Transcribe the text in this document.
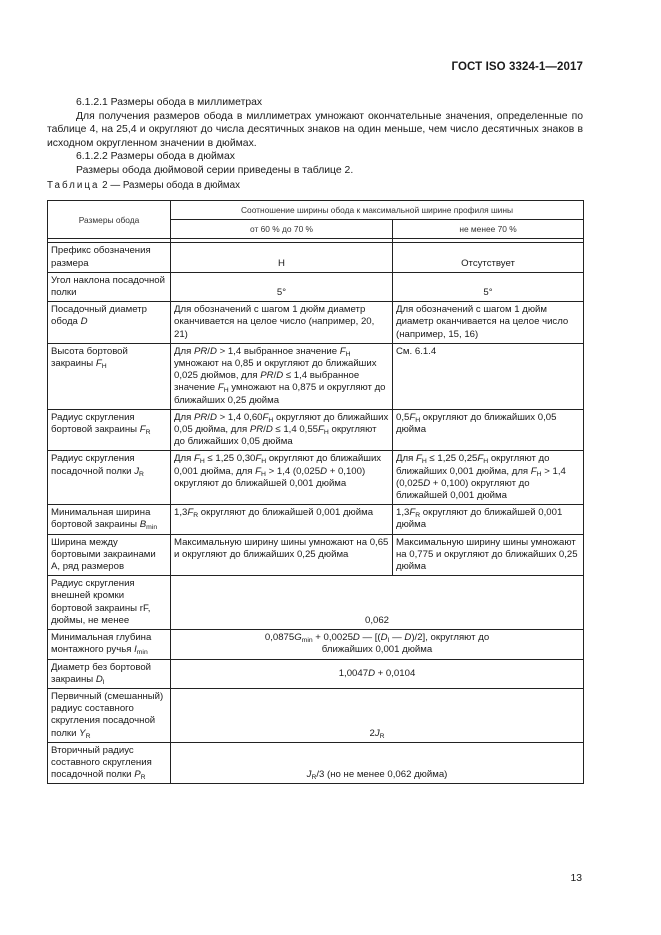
ГОСТ ISO 3324-1—2017

6.1.2.1 Размеры обода в миллиметрах

Для получения размеров обода в миллиметрах умножают окончательные значения, определенные по таблице 4, на 25,4 и округляют до числа десятичных знаков на один меньше, чем число десятичных знаков в исходном округленном значении в дюймах.

6.1.2.2 Размеры обода в дюймах

Размеры обода дюймовой серии приведены в таблице 2.

Таблица 2 — Размеры обода в дюймах
Размеры обода	Соотношение ширины обода к максимальной ширине профиля шины	
	от 60 % до 70 %	не менее 70 %

Префикс обозначения размера	H	Отсутствует
Угол наклона посадочной полки	5°	5°
Посадочный диаметр обода D	Для обозначений с шагом 1 дюйм диаметр оканчивается на целое число (например, 20, 21)	Для обозначений с шагом 1 дюйм диаметр оканчивается на целое число (например, 15, 16)
Высота бортовой закраины $F_H$	Для PR/D > 1,4 выбранное значение $F_H$ умножают на 0,85 и округляют до ближайших 0,025 дюймов, для PR/D ≤ 1,4 выбранное значение $F_H$ умножают на 0,875 и округляют до ближайших 0,25 дюйма	См. 6.1.4
Радиус скругления бортовой закраины $F_R$	Для PR/D > 1,4 $0,60F_H$ округляют до ближайших 0,05 дюйма, для PR/D ≤ 1,4 $0,55F_H$ округляют до ближайших 0,05 дюйма	$0,5F_H$ округляют до ближайших 0,05 дюйма
Радиус скругления посадочной полки $J_R$	Для $F_H \le 1,25$ $0,30F_H$ округляют до ближайших 0,001 дюйма, для $F_H > 1,4$ (0,025D + 0,100) округляют до ближайшей 0,001 дюйма	Для $F_H \le 1,25$ $0,25F_H$ округляют до ближайших 0,001 дюйма, для $F_H > 1,4$ (0,025D + 0,100) округляют до ближайшей 0,001 дюйма
Минимальная ширина бортовой закраины $B_{min}$	$1,3F_R$ округляют до ближайшей 0,001 дюйма	$1,3F_R$ округляют до ближайшей 0,001 дюйма
Ширина между бортовыми закраинами A, ряд размеров	Максимальную ширину шины умножают на 0,65 и округляют до ближайших 0,25 дюйма	Максимальную ширину шины умножают на 0,775 и округляют до ближайших 0,25 дюйма
Радиус скругления внешней кромки бортовой закраины rF, дюймы, не менее	0,062	
Минимальная глубина монтажного ручья $I_{min}$	$0,0875G_{min} + 0,0025D$ — [($D_I$ — D)/2], округляют до
ближайших 0,001 дюйма	
Диаметр без бортовой закраины $D_I$	1,0047D + 0,0104	
Первичный (смешанный) радиус составного скругления посадочной полки $Y_R$	$2J_R$
Вторичный радиус составного скругления посадочной полки $P_R$	$J_R/3$ (но не менее 0,062 дюйма)	
13
